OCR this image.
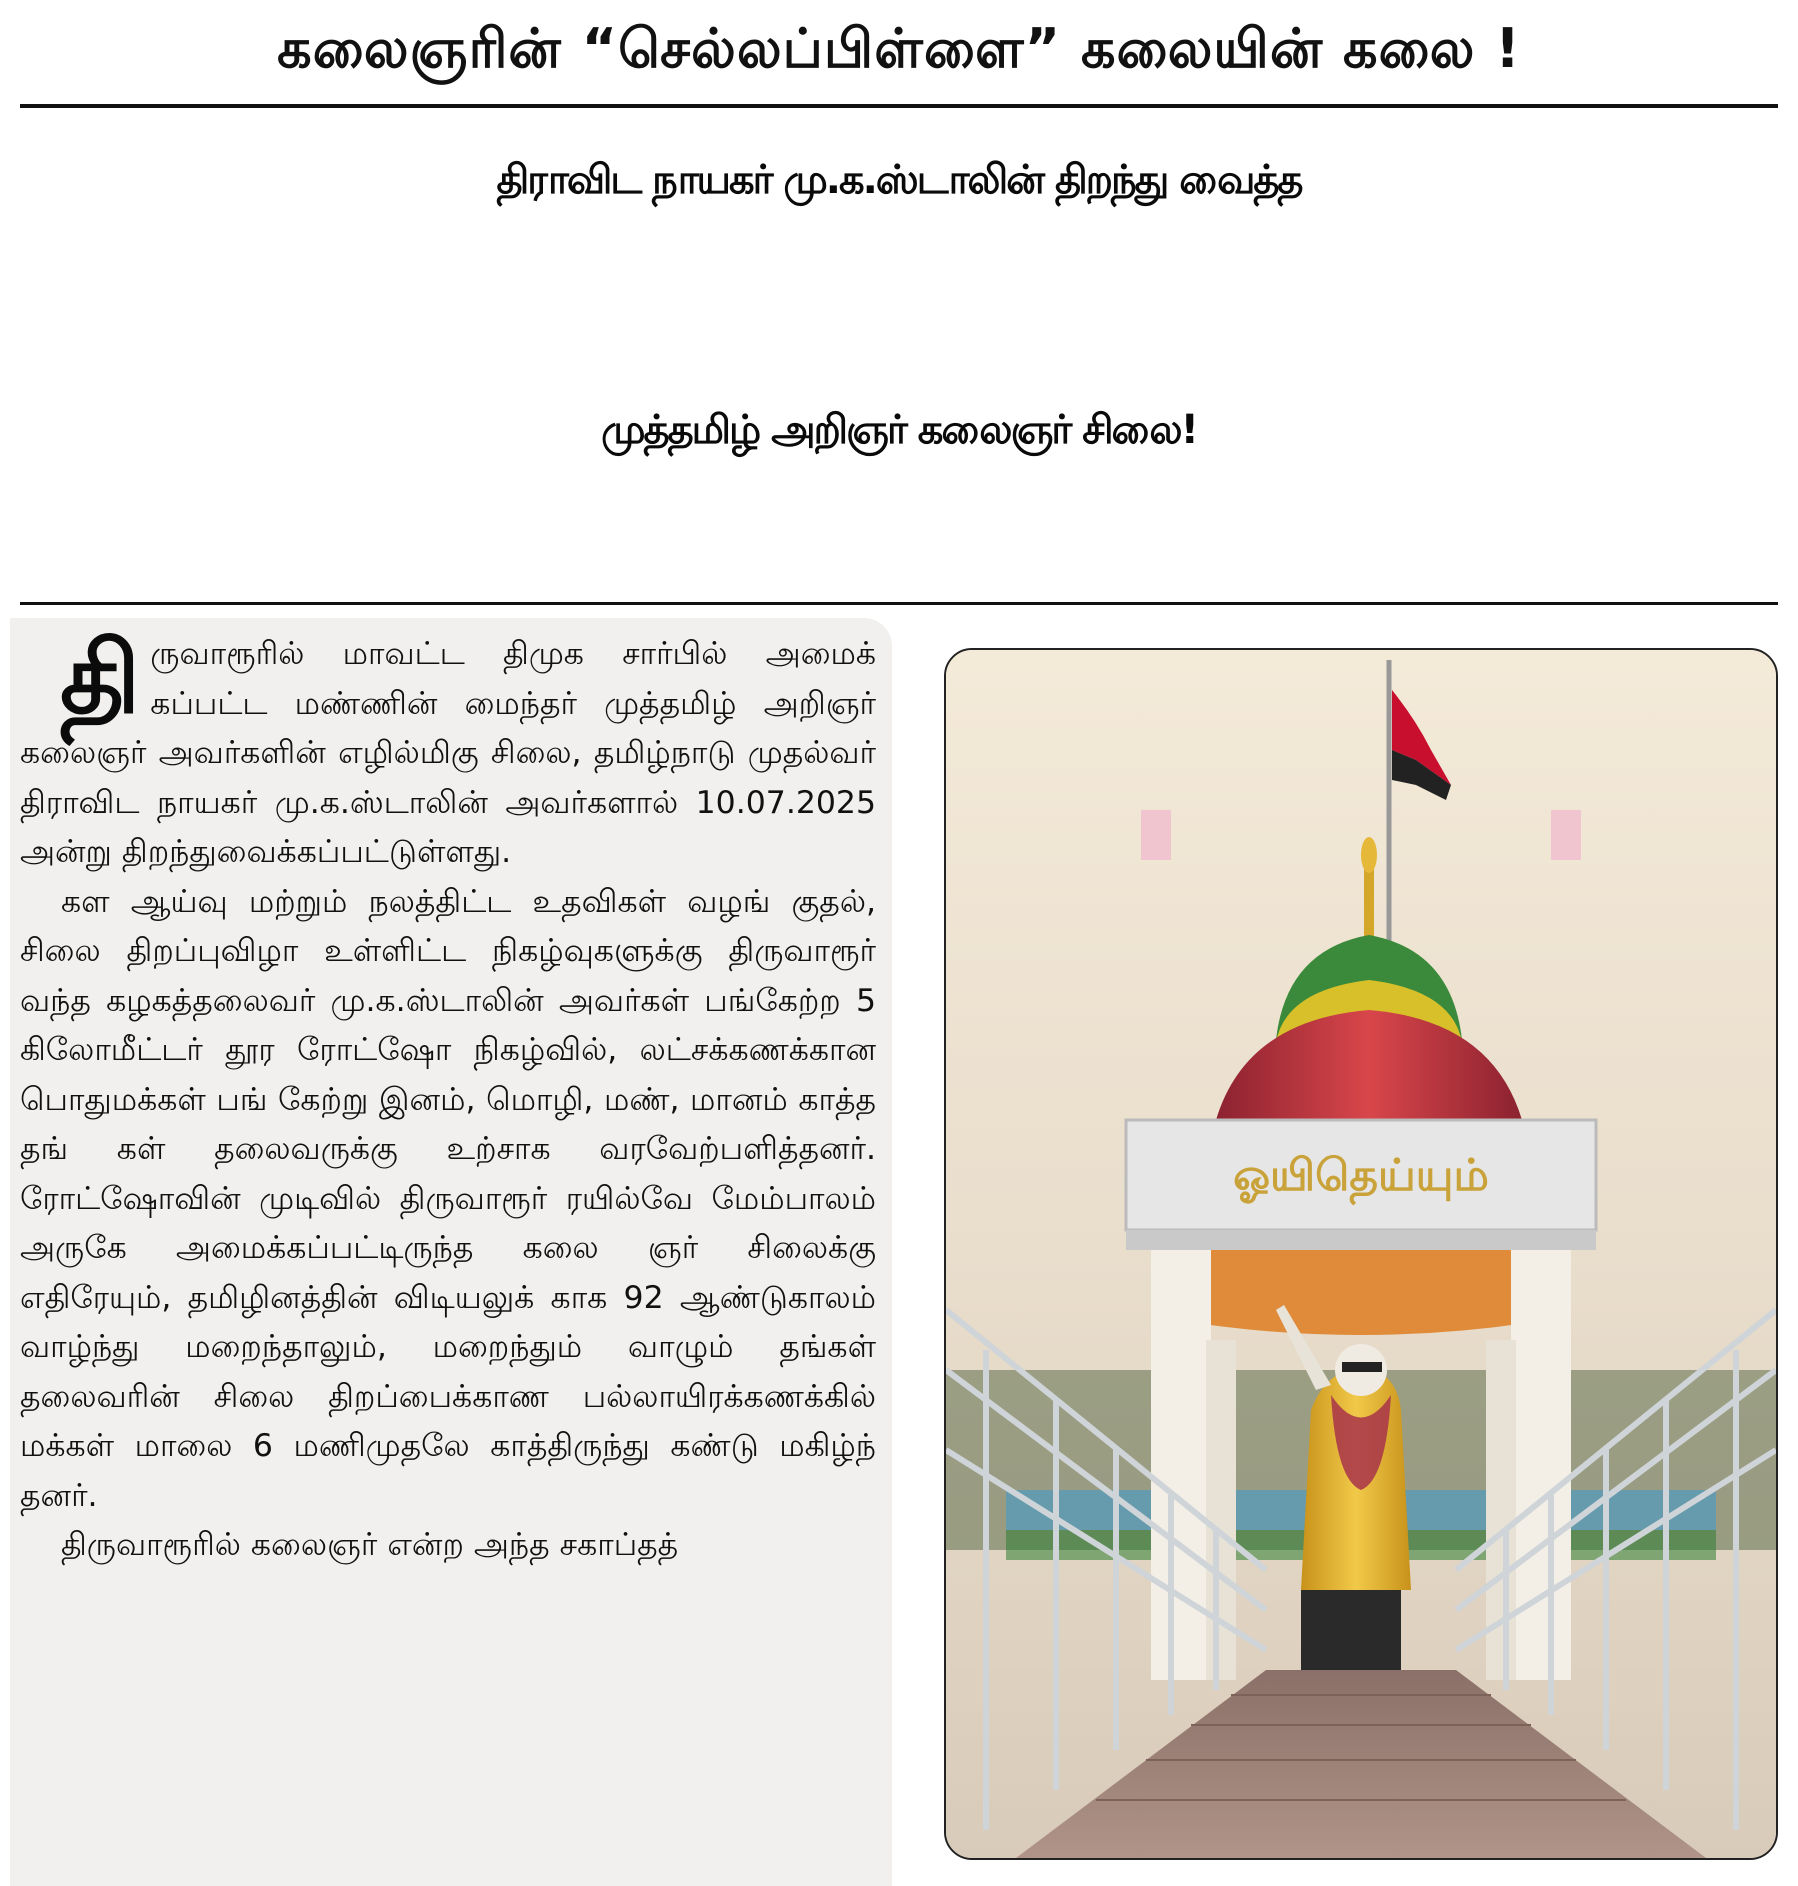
கலைஞரின் “செல்லப்பிள்ளை” கலையின் கலை !
திராவிட நாயகர் மு.க.ஸ்டாலின் திறந்து வைத்த
முத்தமிழ் அறிஞர் கலைஞர் சிலை!

திருவாரூரில் மாவட்ட திமுக சார்பில் அமைக் கப்பட்ட மண்ணின் மைந்தர் முத்தமிழ் அறிஞர் கலைஞர் அவர்களின் எழில்மிகு சிலை, தமிழ்நாடு முதல்வர் திராவிட நாயகர் மு.க.ஸ்டாலின் அவர்களால் 10.07.2025 அன்று திறந்துவைக்கப்பட்டுள்ளது.

கள ஆய்வு மற்றும் நலத்திட்ட உதவிகள் வழங் குதல், சிலை திறப்புவிழா உள்ளிட்ட நிகழ்வுகளுக்கு திருவாரூர் வந்த கழகத்தலைவர் மு.க.ஸ்டாலின் அவர்கள் பங்கேற்ற 5 கிலோமீட்டர் தூர ரோட்ஷோ நிகழ்வில், லட்சக்கணக்கான பொதுமக்கள் பங் கேற்று இனம், மொழி, மண், மானம் காத்த தங் கள் தலைவருக்கு உற்சாக வரவேற்பளித்தனர். ரோட்ஷோவின் முடிவில் திருவாரூர் ரயில்வே மேம்பாலம் அருகே அமைக்கப்பட்டிருந்த கலை ஞர் சிலைக்கு எதிரேயும், தமிழினத்தின் விடியலுக் காக 92 ஆண்டுகாலம் வாழ்ந்து மறைந்தாலும், மறைந்தும் வாழும் தங்கள் தலைவரின் சிலை திறப்பைக்காண பல்லாயிரக்கணக்கில் மக்கள் மாலை 6 மணிமுதலே காத்திருந்து கண்டு மகிழ்ந் தனர்.

திருவாரூரில் கலைஞர் என்ற அந்த சகாப்தத்

ஓயிதெய்யும்
